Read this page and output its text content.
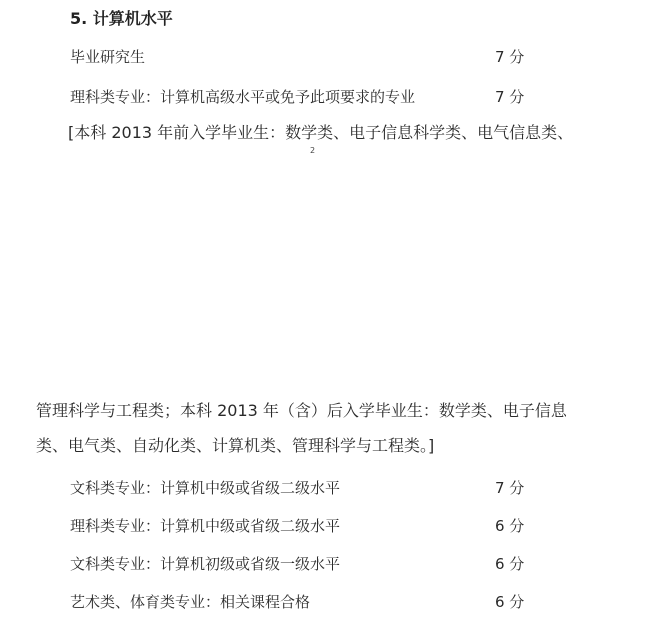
5. 计算机水平
毕业研究生	7 分
理科类专业：计算机高级水平或免予此项要求的专业	7 分
[本科 2013 年前入学毕业生：数学类、电子信息科学类、电气信息类、
2
管理科学与工程类；本科 2013 年（含）后入学毕业生：数学类、电子信息
类、电气类、自动化类、计算机类、管理科学与工程类。]
文科类专业：计算机中级或省级二级水平	7 分
理科类专业：计算机中级或省级二级水平	6 分
文科类专业：计算机初级或省级一级水平	6 分
艺术类、体育类专业：相关课程合格	6 分
